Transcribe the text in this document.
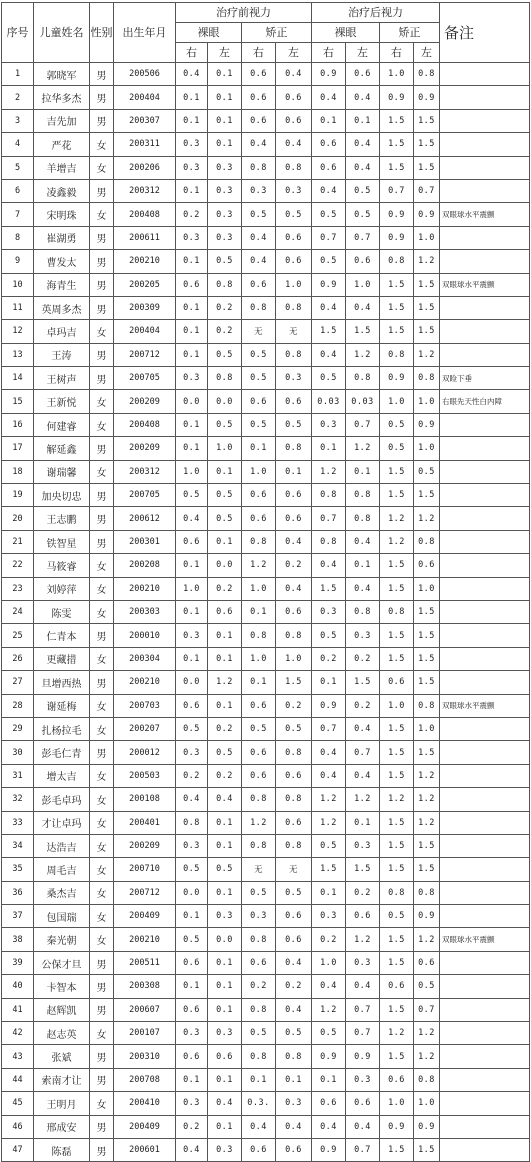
序号	儿童姓名	性别	出生年月	治疗前视力				治疗后视力				备注
				裸眼		矫正		裸眼		矫正		
				右	左	右	左	右	左	右	左	
1	郭晓军	男	200506	0.4	0.1	0.6	0.4	0.9	0.6	1.0	0.8	
2	拉华多杰	男	200404	0.1	0.1	0.6	0.6	0.4	0.4	0.9	0.9	
3	吉先加	男	200307	0.1	0.1	0.6	0.6	0.1	0.1	1.5	1.5	
4	严花	女	200311	0.3	0.1	0.4	0.4	0.6	0.4	1.5	1.5	
5	羊增吉	女	200206	0.3	0.3	0.8	0.8	0.6	0.4	1.5	1.5	
6	凌鑫毅	男	200312	0.1	0.3	0.3	0.3	0.4	0.5	0.7	0.7	
7	宋明珠	女	200408	0.2	0.3	0.5	0.5	0.5	0.5	0.9	0.9	双眼球水平震颤
8	崔湖勇	男	200611	0.3	0.3	0.4	0.6	0.7	0.7	0.9	1.0	
9	曹发太	男	200210	0.1	0.5	0.4	0.6	0.5	0.6	0.8	1.2	
10	海青生	男	200205	0.6	0.8	0.6	1.0	0.9	1.0	1.5	1.5	双眼球水平震颤
11	英周多杰	男	200309	0.1	0.2	0.8	0.8	0.4	0.4	1.5	1.5	
12	卓玛吉	女	200404	0.1	0.2	无	无	1.5	1.5	1.5	1.5	
13	王涛	男	200712	0.1	0.5	0.5	0.8	0.4	1.2	0.8	1.2	
14	王树声	男	200705	0.3	0.8	0.5	0.3	0.5	0.8	0.9	0.8	双睑下垂
15	王新悦	女	200209	0.0	0.0	0.6	0.6	0.03	0.03	1.0	1.0	右眼先天性白内障
16	何建睿	女	200408	0.1	0.5	0.5	0.5	0.3	0.7	0.5	0.9	
17	解延鑫	男	200209	0.1	1.0	0.1	0.8	0.1	1.2	0.5	1.0	
18	谢瑞馨	女	200312	1.0	0.1	1.0	0.1	1.2	0.1	1.5	0.5	
19	加央切忠	男	200705	0.5	0.5	0.6	0.6	0.8	0.8	1.5	1.5	
20	王志鹏	男	200612	0.4	0.5	0.6	0.6	0.7	0.8	1.2	1.2	
21	铁智星	男	200301	0.6	0.1	0.8	0.4	0.8	0.4	1.2	0.8	
22	马筱睿	女	200208	0.1	0.0	1.2	0.2	0.4	0.1	1.5	0.6	
23	刘婷萍	女	200210	1.0	0.2	1.0	0.4	1.5	0.4	1.5	1.0	
24	陈雯	女	200303	0.1	0.6	0.1	0.6	0.3	0.8	0.8	1.5	
25	仁青本	男	200010	0.3	0.1	0.8	0.8	0.5	0.3	1.5	1.5	
26	更藏措	女	200304	0.1	0.1	1.0	1.0	0.2	0.2	1.5	1.5	
27	旦增西热	男	200210	0.0	1.2	0.1	1.5	0.1	1.5	0.6	1.5	
28	谢延梅	女	200703	0.6	0.1	0.6	0.2	0.9	0.2	1.0	0.8	双眼球水平震颤
29	扎杨拉毛	女	200207	0.5	0.2	0.5	0.5	0.7	0.4	1.5	1.0	
30	彭毛仁青	男	200012	0.3	0.5	0.6	0.8	0.4	0.7	1.5	1.5	
31	增太吉	女	200503	0.2	0.2	0.6	0.6	0.4	0.4	1.5	1.2	
32	彭毛卓玛	女	200108	0.4	0.4	0.8	0.8	1.2	1.2	1.2	1.2	
33	才让卓玛	女	200401	0.8	0.1	1.2	0.6	1.2	0.1	1.5	1.2	
34	达浩吉	女	200209	0.3	0.1	0.8	0.8	0.5	0.3	1.5	1.5	
35	周毛吉	女	200710	0.5	0.5	无	无	1.5	1.5	1.5	1.5	
36	桑杰吉	女	200712	0.0	0.1	0.5	0.5	0.1	0.2	0.8	0.8	
37	包国瑞	女	200409	0.1	0.3	0.3	0.6	0.3	0.6	0.5	0.9	
38	秦光朝	女	200210	0.5	0.0	0.8	0.6	0.2	1.2	1.5	1.2	双眼球水平震颤
39	公保才旦	男	200511	0.6	0.1	0.6	0.4	1.0	0.3	1.5	0.6	
40	卡智本	男	200308	0.1	0.1	0.2	0.2	0.4	0.4	0.6	0.5	
41	赵辉凯	男	200607	0.6	0.1	0.8	0.4	1.2	0.7	1.5	0.7	
42	赵志英	女	200107	0.3	0.3	0.5	0.5	0.5	0.7	1.2	1.2	
43	张斌	男	200310	0.6	0.6	0.8	0.8	0.9	0.9	1.5	1.2	
44	索南才让	男	200708	0.1	0.1	0.1	0.1	0.1	0.3	0.6	0.8	
45	王明月	女	200410	0.3	0.4	0.3.	0.3	0.6	0.6	1.0	1.0	
46	邢成安	男	200409	0.2	0.1	0.4	0.4	0.4	0.4	0.9	0.9	
47	陈磊	男	200601	0.4	0.3	0.6	0.6	0.9	0.7	1.5	1.5	
